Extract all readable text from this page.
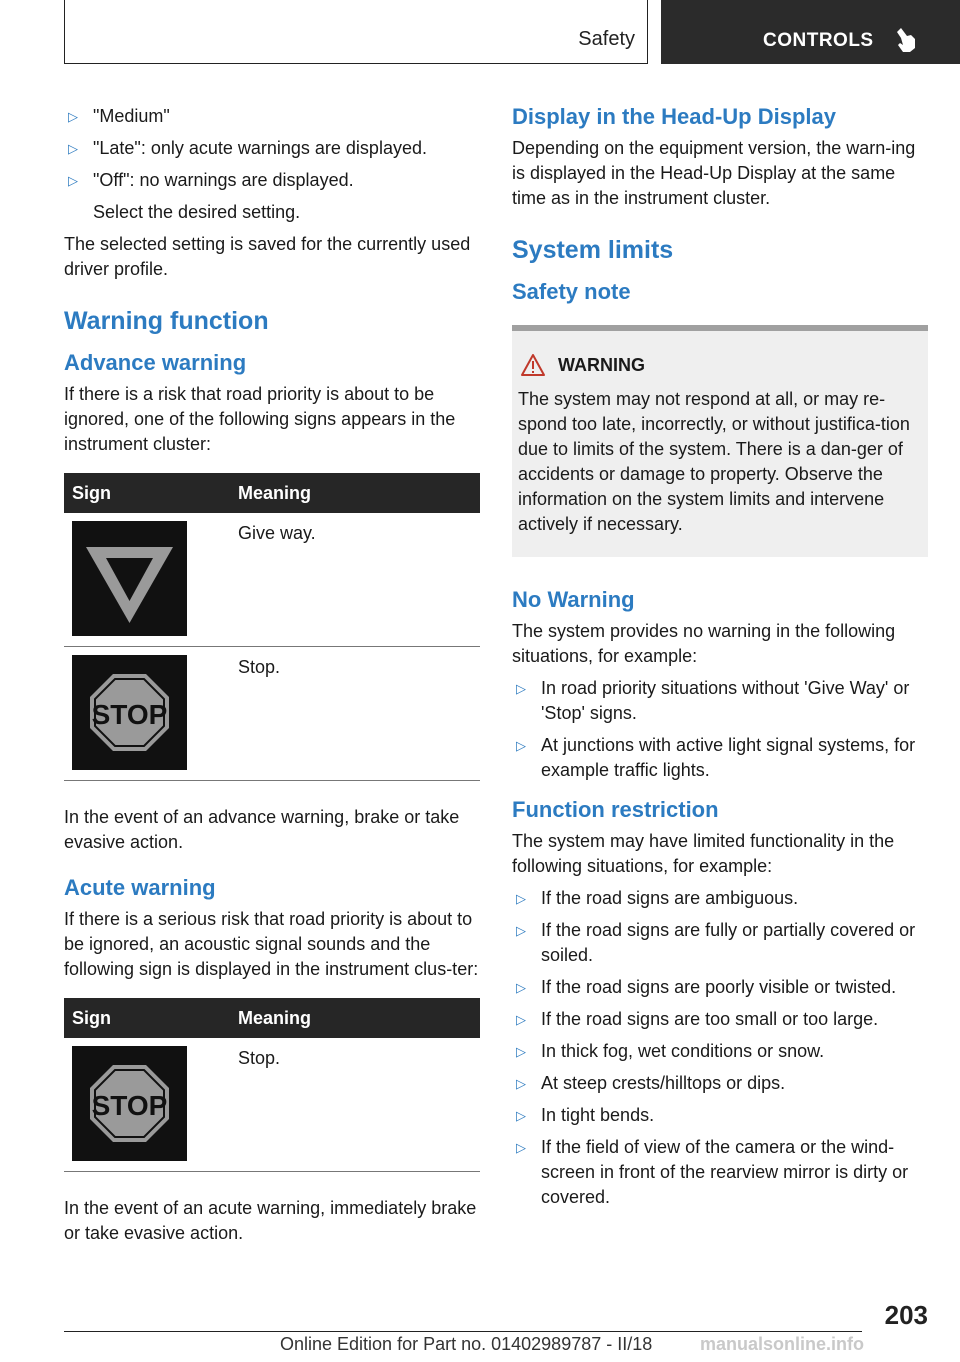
Safety	CONTROLS
▷ "Medium"
▷ "Late": only acute warnings are displayed.
▷ "Off": no warnings are displayed.

Select the desired setting.

The selected setting is saved for the currently used driver profile.

Warning function
Advance warning

If there is a risk that road priority is about to be ignored, one of the following signs appears in the instrument cluster:

Sign	Meaning

	Give way.

STOP	Stop.

In the event of an advance warning, brake or take evasive action.

Acute warning

If there is a serious risk that road priority is about to be ignored, an acoustic signal sounds and the following sign is displayed in the instrument clus-ter:

Sign	Meaning

STOP	Stop.

In the event of an acute warning, immediately brake or take evasive action.

Display in the Head-Up Display

Depending on the equipment version, the warn-ing is displayed in the Head-Up Display at the same time as in the instrument cluster.

System limits
Safety note
WARNING
The system may not respond at all, or may re-spond too late, incorrectly, or without justifica-tion due to limits of the system. There is a dan-ger of accidents or damage to property. Observe the information on the system limits and intervene actively if necessary.
No Warning

The system provides no warning in the following situations, for example:

▷ In road priority situations without 'Give Way' or 'Stop' signs.
▷ At junctions with active light signal systems, for example traffic lights.
Function restriction

The system may have limited functionality in the following situations, for example:

▷ If the road signs are ambiguous.
▷ If the road signs are fully or partially covered or soiled.
▷ If the road signs are poorly visible or twisted.
▷ If the road signs are too small or too large.
▷ In thick fog, wet conditions or snow.
▷ At steep crests/hilltops or dips.
▷ In tight bends.
▷ If the field of view of the camera or the wind-screen in front of the rearview mirror is dirty or covered.
203
Online Edition for Part no. 01402989787 - II/18	manualsonline.info
